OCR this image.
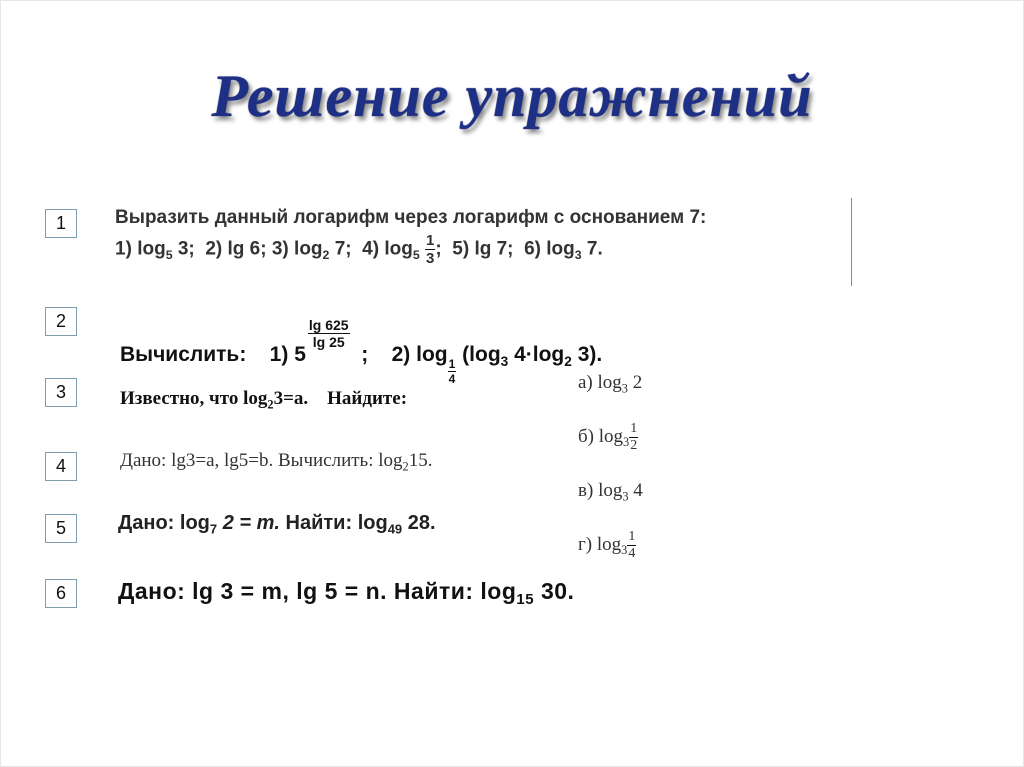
Решение упражнений
1
2
3
4
5
6
Выразить данный логарифм через логарифм с основанием 7:
1) $\log_5 3$; 2) lg 6; 3) $\log_2 7$; 4) $\log_5 \frac{1}{3}$ ; 5) lg 7; 6) $\log_3 7$.
Вычислить: 1) 5
$\frac{\lg 625}{\lg 25}$
; 2) log
$\frac{1}{4}$
($\log_3$ $4\cdot\log_2$ 3).
Известно, что $\log_23=a$. Найдите:
а) $\log_3 2$
б) $\log_3 \frac{1}{2}$
в) $\log_3 4$
г) $\log_3 \frac{1}{4}$
Дано: lg3=a, lg5=b. Вычислить: $\log_215$.
Дано: $\log_7 2 = m$. Найти: $\log_{49} 28$.
Дано: lg 3 = m, lg 5 = n. Найти: $\log_{15} 30$.
